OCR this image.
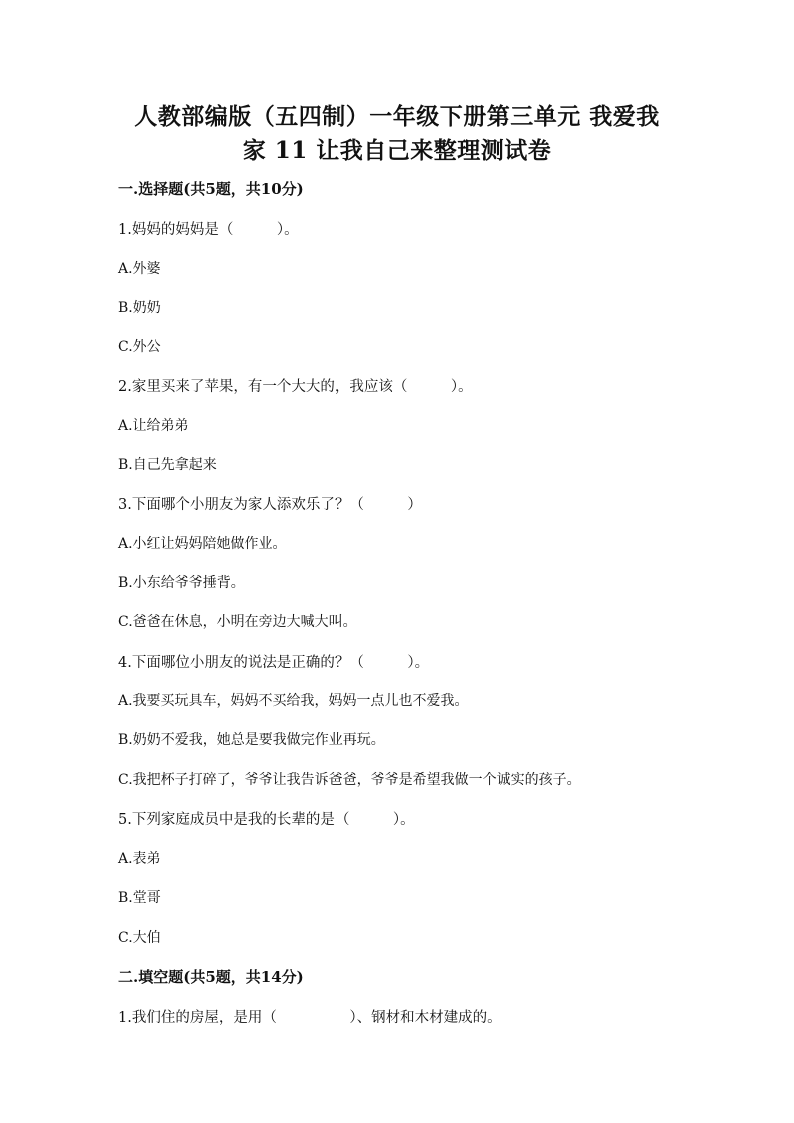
人教部编版（五四制）一年级下册第三单元 我爱我
家 11 让我自己来整理测试卷

一.选择题(共5题，共10分)

1.妈妈的妈妈是（　　　）。

A.外婆

B.奶奶

C.外公

2.家里买来了苹果，有一个大大的，我应该（　　　）。

A.让给弟弟

B.自己先拿起来

3.下面哪个小朋友为家人添欢乐了？（　　　）

A.小红让妈妈陪她做作业。

B.小东给爷爷捶背。

C.爸爸在休息，小明在旁边大喊大叫。

4.下面哪位小朋友的说法是正确的？（　　　）。

A.我要买玩具车，妈妈不买给我，妈妈一点儿也不爱我。

B.奶奶不爱我，她总是要我做完作业再玩。

C.我把杯子打碎了，爷爷让我告诉爸爸，爷爷是希望我做一个诚实的孩子。

5.下列家庭成员中是我的长辈的是（　　　）。

A.表弟

B.堂哥

C.大伯

二.填空题(共5题，共14分)

1.我们住的房屋，是用（　　　　　）、钢材和木材建成的。
